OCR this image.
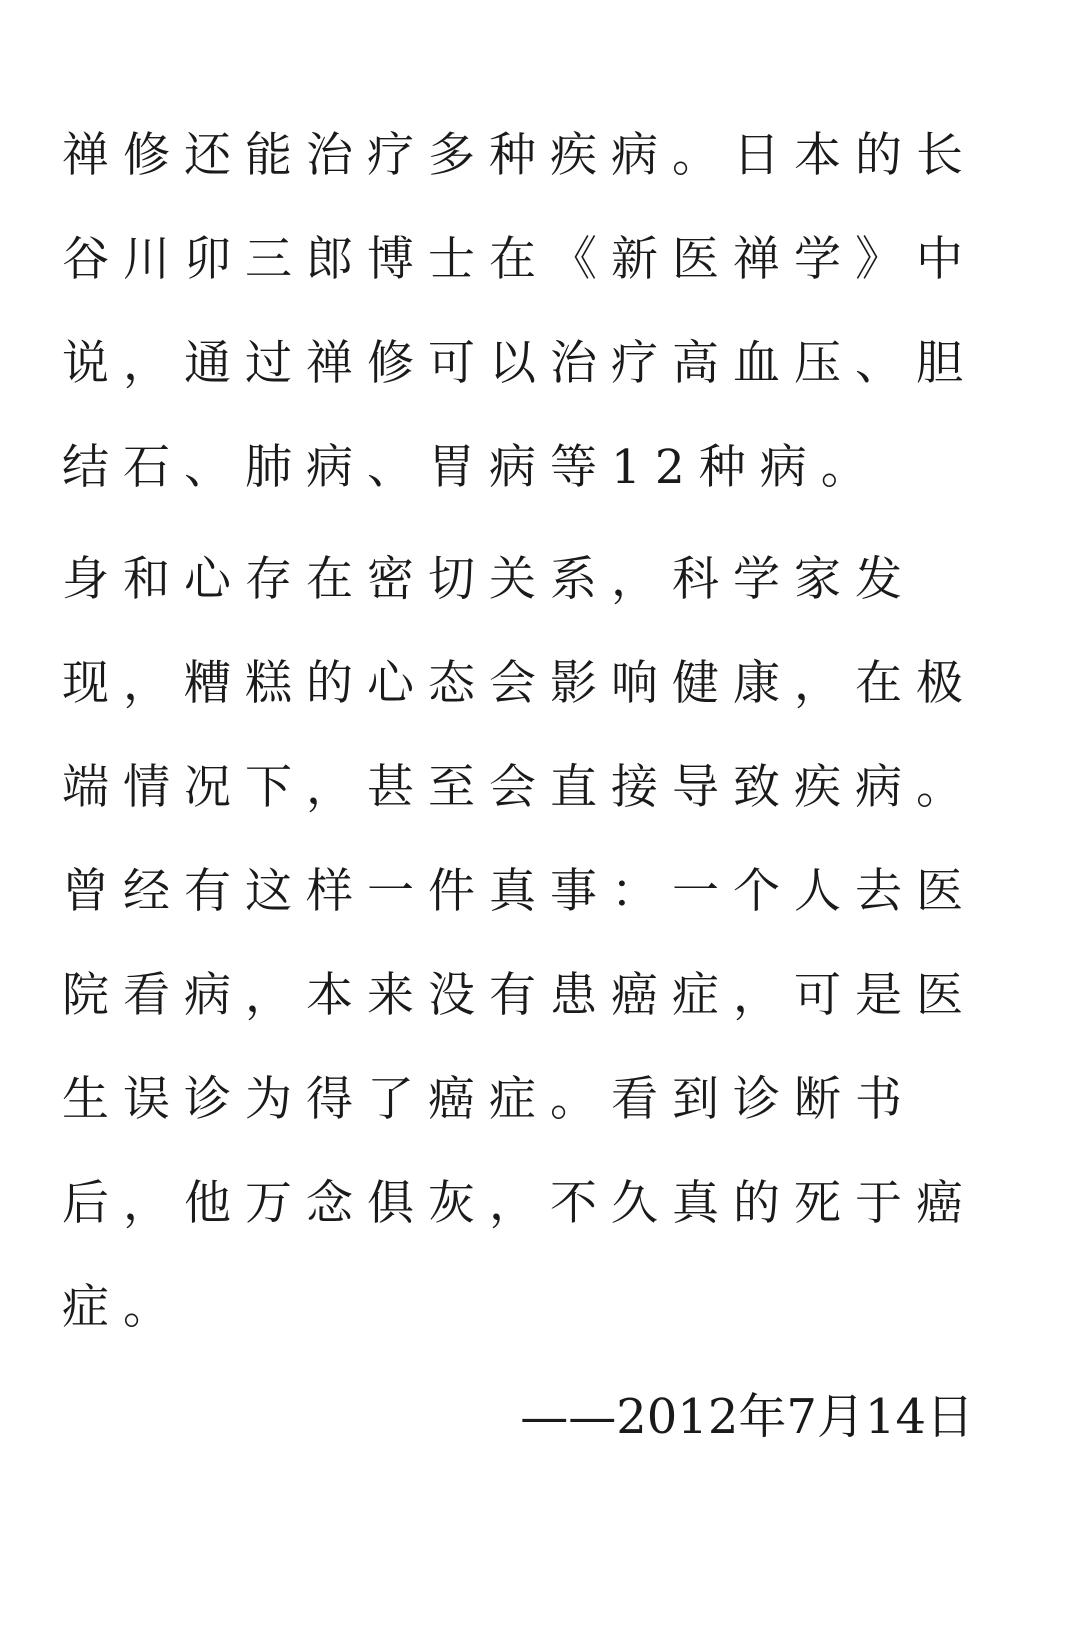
禅修还能治疗多种疾病。日本的长
谷川卯三郎博士在《新医禅学》中
说，通过禅修可以治疗高血压、胆
结石、肺病、胃病等12种病。
身和心存在密切关系，科学家发
现，糟糕的心态会影响健康，在极
端情况下，甚至会直接导致疾病。
曾经有这样一件真事：一个人去医
院看病，本来没有患癌症，可是医
生误诊为得了癌症。看到诊断书
后，他万念俱灰，不久真的死于癌
症。
——2012年7月14日
